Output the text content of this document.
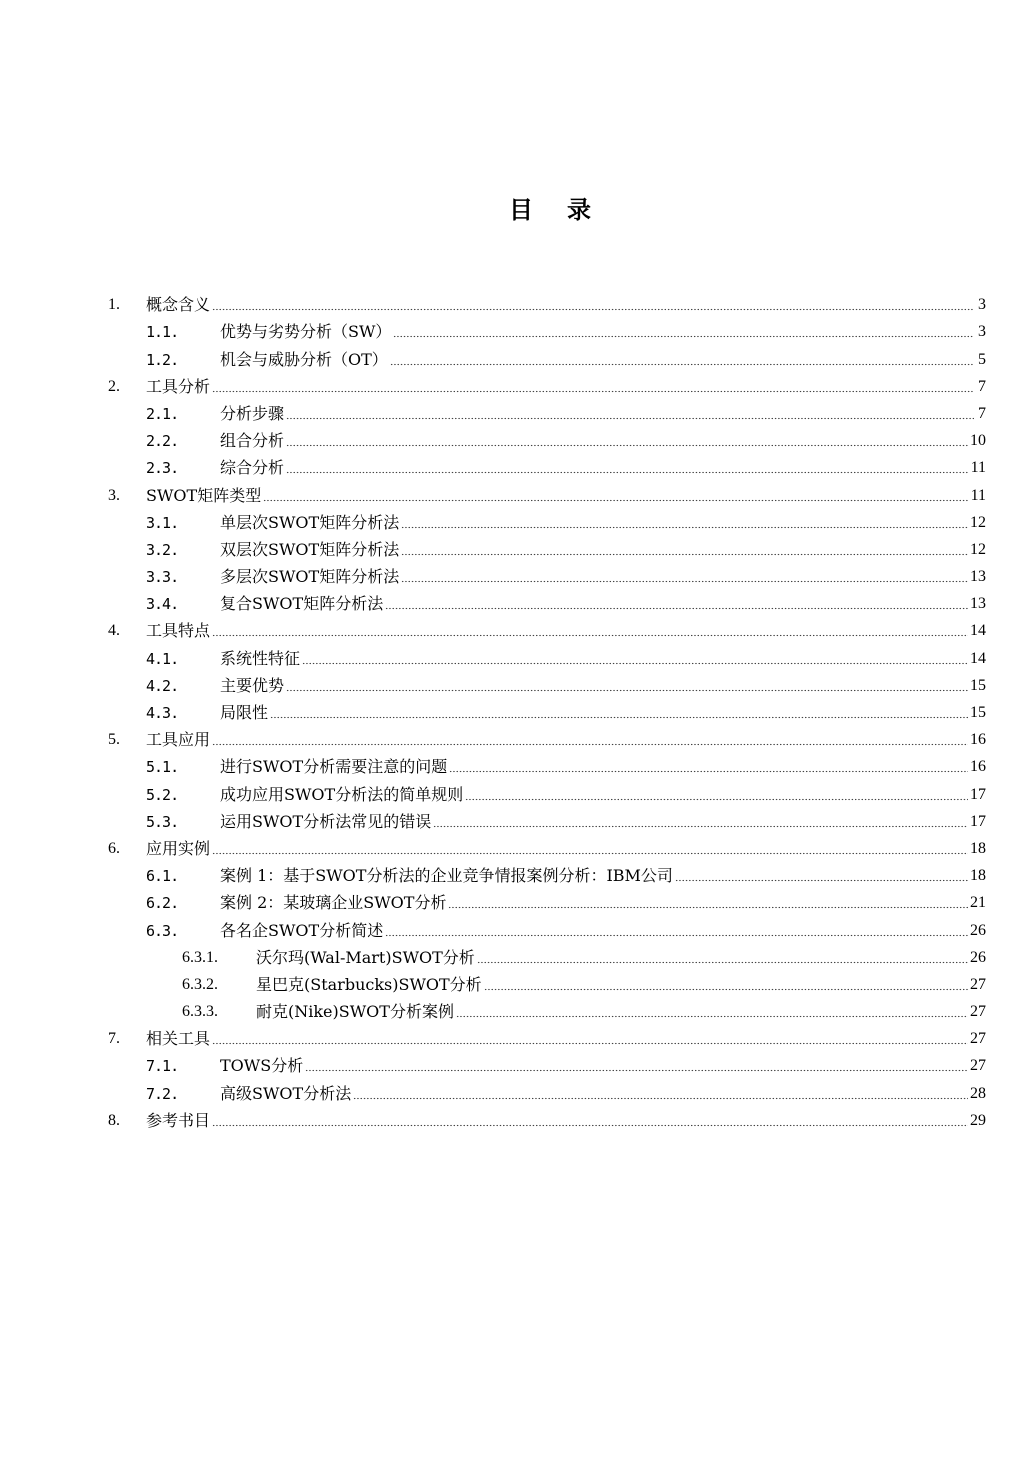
目 录
1.	概念含义	3
1.1.	优势与劣势分析（SW）	3
1.2.	机会与威胁分析（OT）	5
2.	工具分析	7
2.1.	分析步骤	7
2.2.	组合分析	10
2.3.	综合分析	11
3.	SWOT矩阵类型	11
3.1.	单层次SWOT矩阵分析法	12
3.2.	双层次SWOT矩阵分析法	12
3.3.	多层次SWOT矩阵分析法	13
3.4.	复合SWOT矩阵分析法	13
4.	工具特点	14
4.1.	系统性特征	14
4.2.	主要优势	15
4.3.	局限性	15
5.	工具应用	16
5.1.	进行SWOT分析需要注意的问题	16
5.2.	成功应用SWOT分析法的简单规则	17
5.3.	运用SWOT分析法常见的错误	17
6.	应用实例	18
6.1.	案例 1：基于SWOT分析法的企业竞争情报案例分析：IBM公司	18
6.2.	案例 2：某玻璃企业SWOT分析	21
6.3.	各名企SWOT分析简述	26
6.3.1.	沃尔玛(Wal-Mart)SWOT分析	26
6.3.2.	星巴克(Starbucks)SWOT分析	27
6.3.3.	耐克(Nike)SWOT分析案例	27
7.	相关工具	27
7.1.	TOWS分析	27
7.2.	高级SWOT分析法	28
8.	参考书目	29
